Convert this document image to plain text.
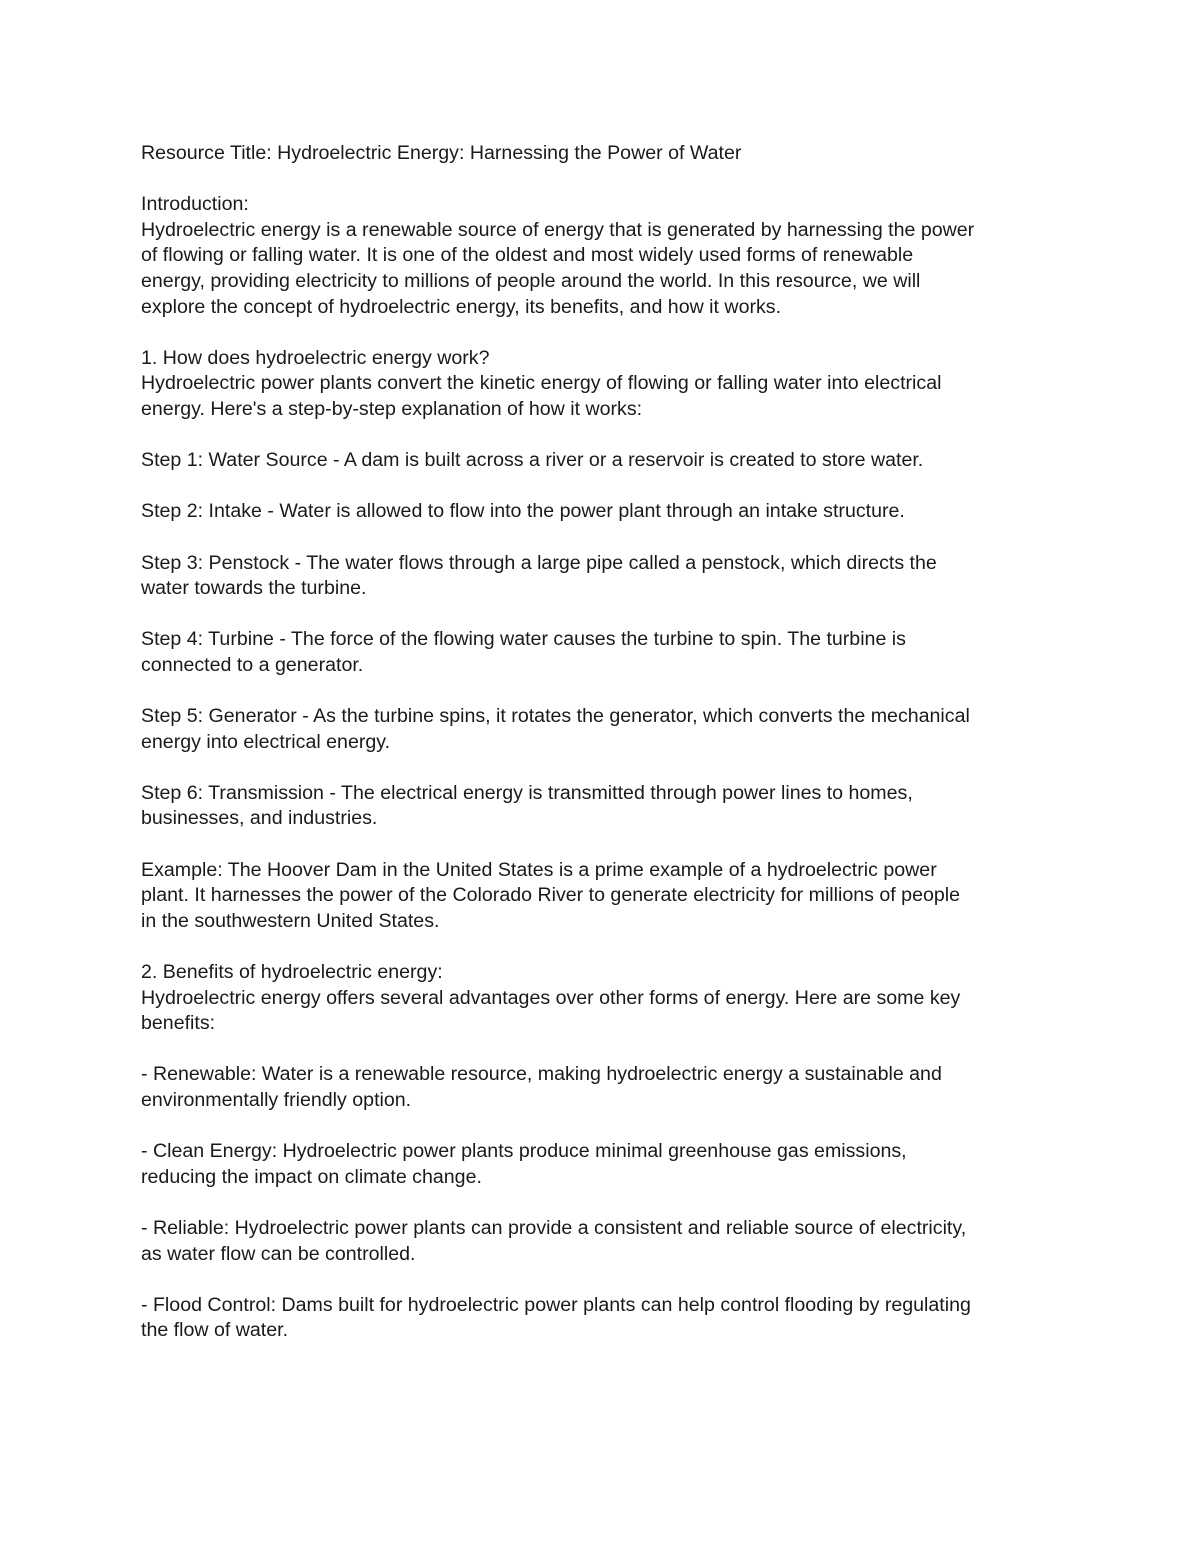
Resource Title: Hydroelectric Energy: Harnessing the Power of Water
Introduction:
Hydroelectric energy is a renewable source of energy that is generated by harnessing the power
of flowing or falling water. It is one of the oldest and most widely used forms of renewable
energy, providing electricity to millions of people around the world. In this resource, we will
explore the concept of hydroelectric energy, its benefits, and how it works.
1. How does hydroelectric energy work?
Hydroelectric power plants convert the kinetic energy of flowing or falling water into electrical
energy. Here's a step-by-step explanation of how it works:
Step 1: Water Source - A dam is built across a river or a reservoir is created to store water.
Step 2: Intake - Water is allowed to flow into the power plant through an intake structure.
Step 3: Penstock - The water flows through a large pipe called a penstock, which directs the
water towards the turbine.
Step 4: Turbine - The force of the flowing water causes the turbine to spin. The turbine is
connected to a generator.
Step 5: Generator - As the turbine spins, it rotates the generator, which converts the mechanical
energy into electrical energy.
Step 6: Transmission - The electrical energy is transmitted through power lines to homes,
businesses, and industries.
Example: The Hoover Dam in the United States is a prime example of a hydroelectric power
plant. It harnesses the power of the Colorado River to generate electricity for millions of people
in the southwestern United States.
2. Benefits of hydroelectric energy:
Hydroelectric energy offers several advantages over other forms of energy. Here are some key
benefits:
- Renewable: Water is a renewable resource, making hydroelectric energy a sustainable and
environmentally friendly option.
- Clean Energy: Hydroelectric power plants produce minimal greenhouse gas emissions,
reducing the impact on climate change.
- Reliable: Hydroelectric power plants can provide a consistent and reliable source of electricity,
as water flow can be controlled.
- Flood Control: Dams built for hydroelectric power plants can help control flooding by regulating
the flow of water.
